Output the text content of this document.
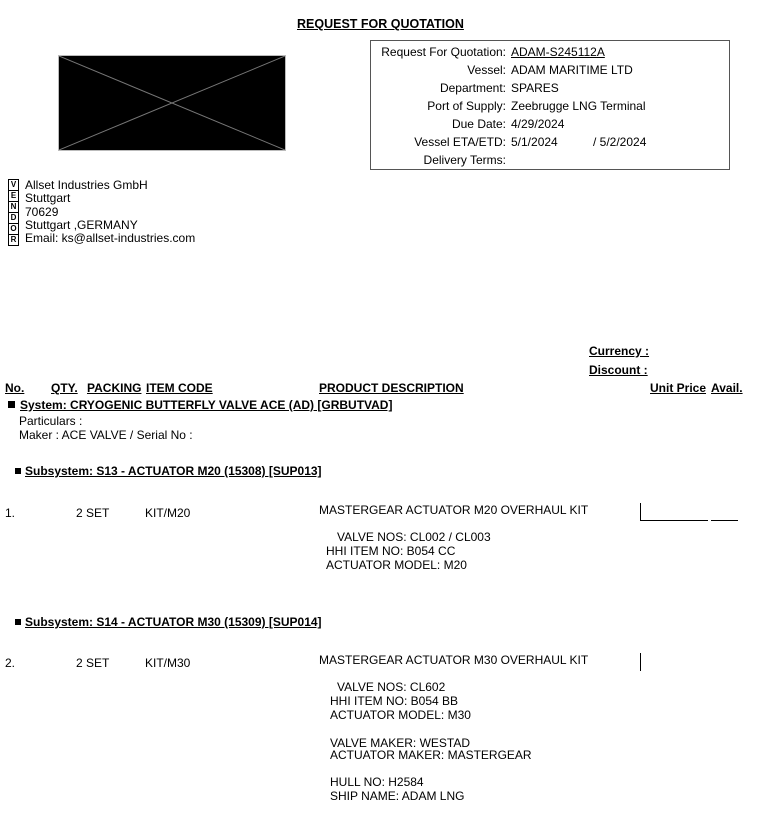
REQUEST FOR QUOTATION
Request For Quotation: ADAM-S245112A
Vessel: ADAM MARITIME LTD
Department: SPARES
Port of Supply: Zeebrugge LNG Terminal
Due Date: 4/29/2024
Vessel ETA/ETD: 5/1/2024	/ 5/2/2024
Delivery Terms:
V
E
N
D
O
R
Allset Industries GmbH
Stuttgart
70629
Stuttgart ,GERMANY
Email: ks@allset-industries.com
Currency :
Discount :
No. QTY. PACKING ITEM CODE	PRODUCT DESCRIPTION	Unit Price Avail.
System: CRYOGENIC BUTTERFLY VALVE ACE (AD) [GRBUTVAD]
Particulars :
Maker : ACE VALVE / Serial No :
Subsystem: S13 - ACTUATOR M20 (15308) [SUP013]
1.	2 SET	KIT/M20	MASTERGEAR ACTUATOR M20 OVERHAUL KIT
VALVE NOS: CL002 / CL003
HHI ITEM NO: B054 CC
ACTUATOR MODEL: M20
Subsystem: S14 - ACTUATOR M30 (15309) [SUP014]
2.	2 SET	KIT/M30	MASTERGEAR ACTUATOR M30 OVERHAUL KIT
VALVE NOS: CL602
HHI ITEM NO: B054 BB
ACTUATOR MODEL: M30
VALVE MAKER: WESTAD
ACTUATOR MAKER: MASTERGEAR
HULL NO: H2584
SHIP NAME: ADAM LNG
